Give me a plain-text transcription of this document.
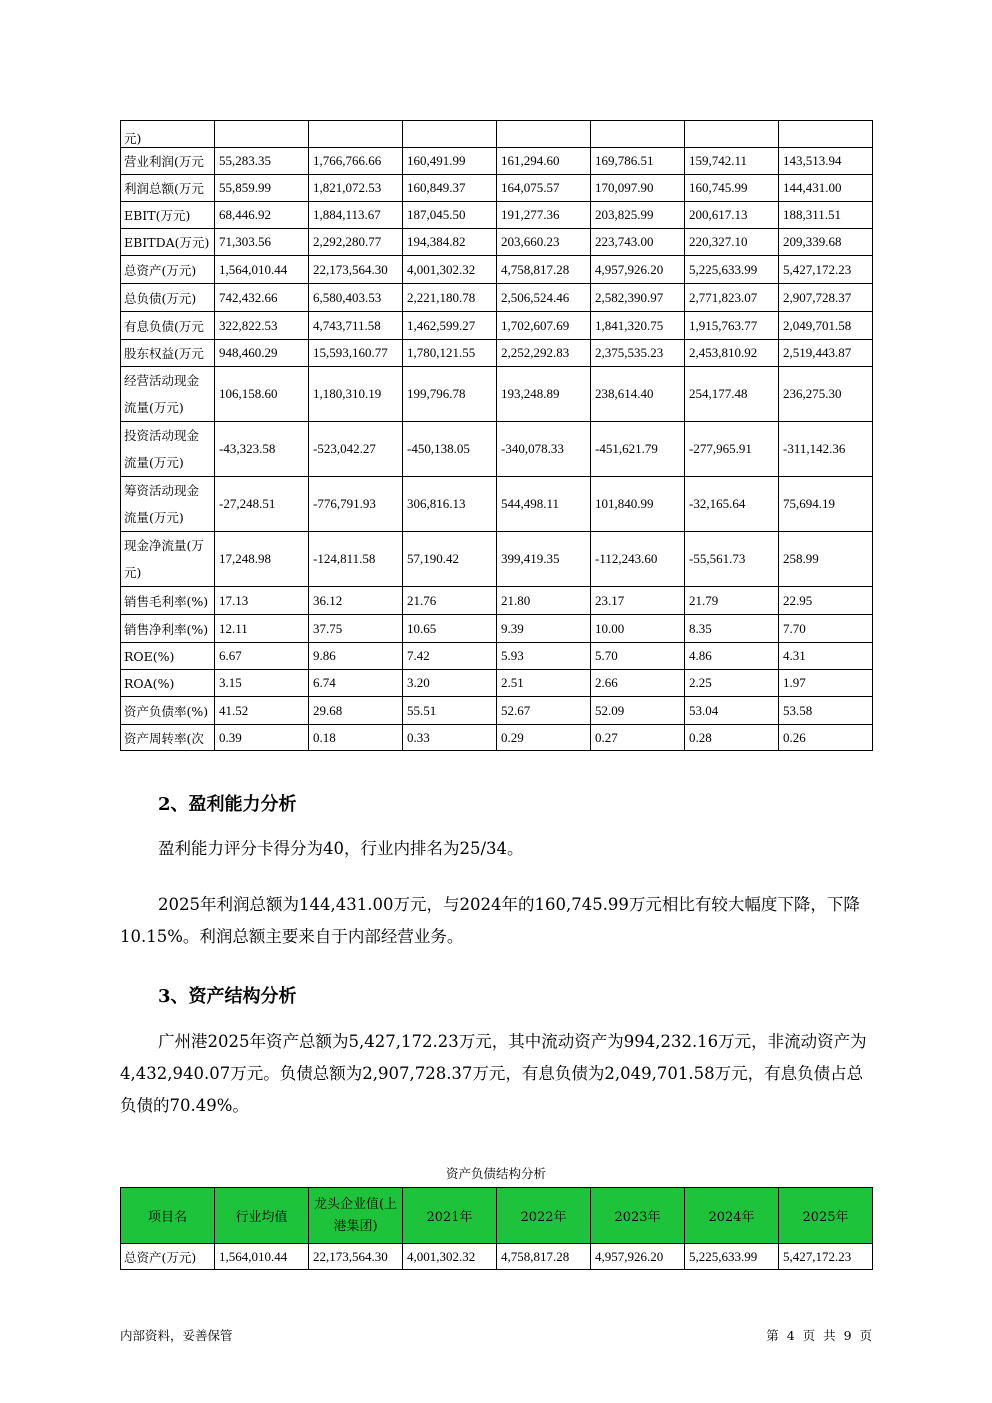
元)							
营业利润(万元	55,283.35	1,766,766.66	160,491.99	161,294.60	169,786.51	159,742.11	143,513.94
利润总额(万元	55,859.99	1,821,072.53	160,849.37	164,075.57	170,097.90	160,745.99	144,431.00
EBIT(万元)	68,446.92	1,884,113.67	187,045.50	191,277.36	203,825.99	200,617.13	188,311.51
EBITDA(万元)	71,303.56	2,292,280.77	194,384.82	203,660.23	223,743.00	220,327.10	209,339.68
总资产(万元)	1,564,010.44	22,173,564.30	4,001,302.32	4,758,817.28	4,957,926.20	5,225,633.99	5,427,172.23
总负债(万元)	742,432.66	6,580,403.53	2,221,180.78	2,506,524.46	2,582,390.97	2,771,823.07	2,907,728.37
有息负债(万元	322,822.53	4,743,711.58	1,462,599.27	1,702,607.69	1,841,320.75	1,915,763.77	2,049,701.58
股东权益(万元	948,460.29	15,593,160.77	1,780,121.55	2,252,292.83	2,375,535.23	2,453,810.92	2,519,443.87
经营活动现金流量(万元)	106,158.60	1,180,310.19	199,796.78	193,248.89	238,614.40	254,177.48	236,275.30
投资活动现金流量(万元)	-43,323.58	-523,042.27	-450,138.05	-340,078.33	-451,621.79	-277,965.91	-311,142.36
筹资活动现金流量(万元)	-27,248.51	-776,791.93	306,816.13	544,498.11	101,840.99	-32,165.64	75,694.19
现金净流量(万元)	17,248.98	-124,811.58	57,190.42	399,419.35	-112,243.60	-55,561.73	258.99
销售毛利率(%)	17.13	36.12	21.76	21.80	23.17	21.79	22.95
销售净利率(%)	12.11	37.75	10.65	9.39	10.00	8.35	7.70
ROE(%)	6.67	9.86	7.42	5.93	5.70	4.86	4.31
ROA(%)	3.15	6.74	3.20	2.51	2.66	2.25	1.97
资产负债率(%)	41.52	29.68	55.51	52.67	52.09	53.04	53.58
资产周转率(次	0.39	0.18	0.33	0.29	0.27	0.28	0.26
2、盈利能力分析
盈利能力评分卡得分为40，行业内排名为25/34。
2025年利润总额为144,431.00万元，与2024年的160,745.99万元相比有较大幅度下降，下降10.15%。利润总额主要来自于内部经营业务。
3、资产结构分析
广州港2025年资产总额为5,427,172.23万元，其中流动资产为994,232.16万元，非流动资产为4,432,940.07万元。负债总额为2,907,728.37万元，有息负债为2,049,701.58万元，有息负债占总负债的70.49%。
资产负债结构分析
项目名	行业均值	龙头企业值(上港集团)	2021年	2022年	2023年	2024年	2025年
总资产(万元)	1,564,010.44	22,173,564.30	4,001,302.32	4,758,817.28	4,957,926.20	5,225,633.99	5,427,172.23
内部资料，妥善保管	第 4 页 共 9 页
